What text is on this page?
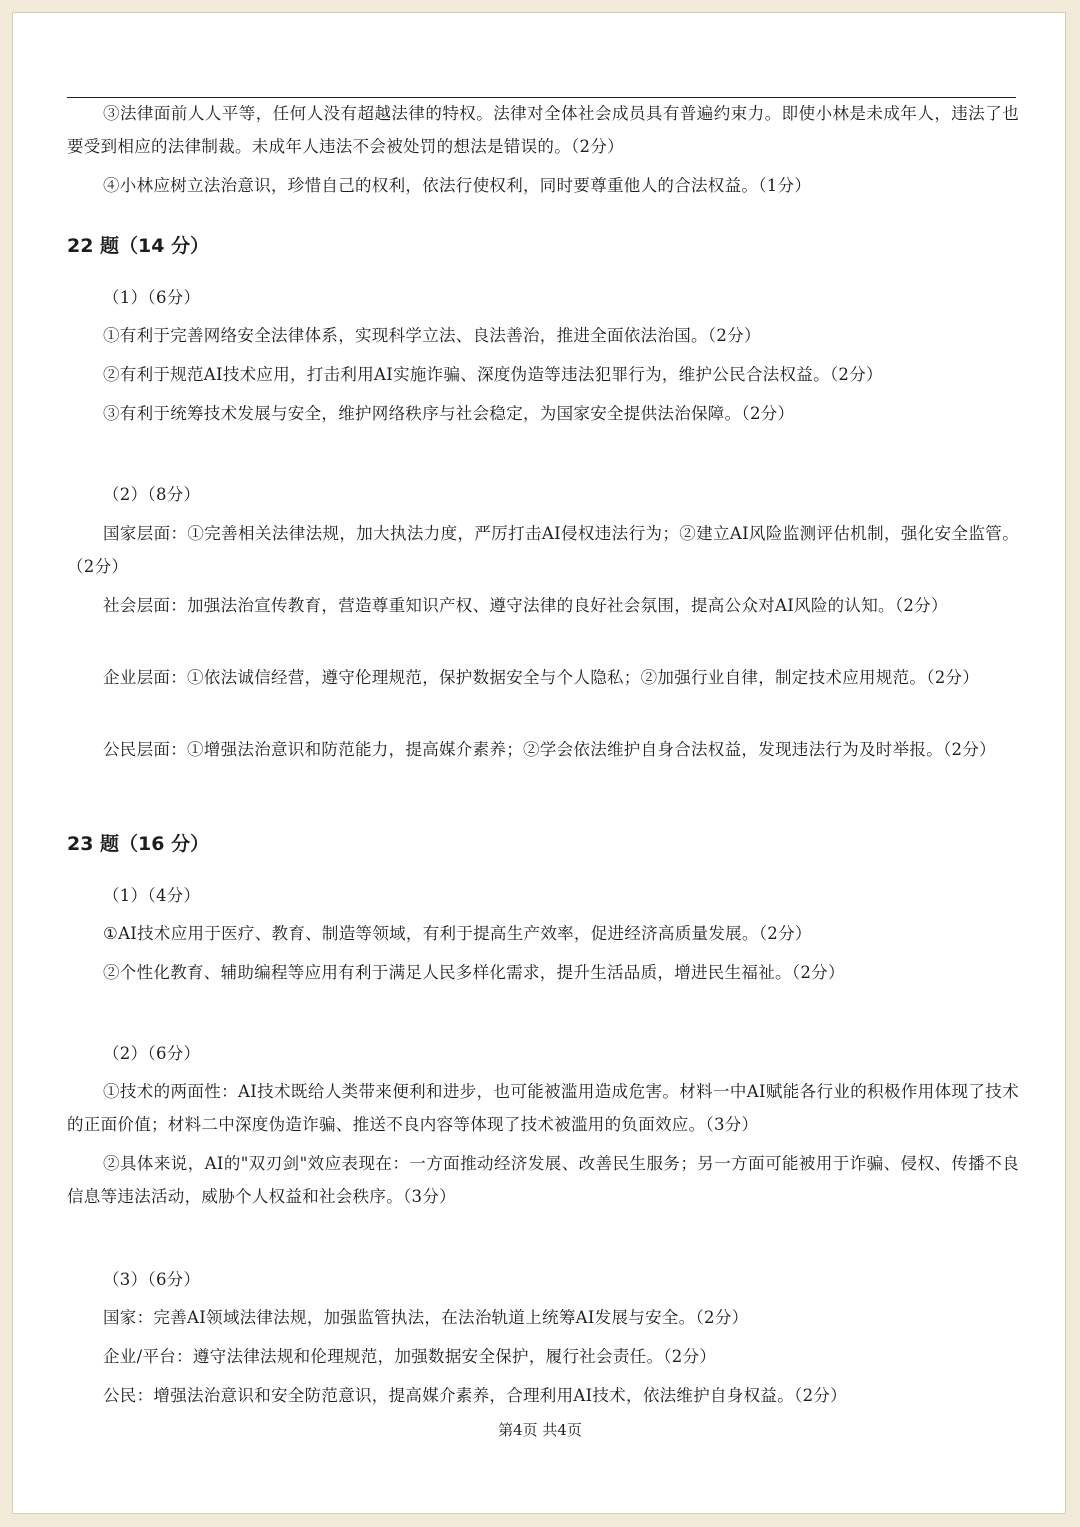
③法律面前人人平等，任何人没有超越法律的特权。法律对全体社会成员具有普遍约束力。即使小林是未成年人，违法了也要受到相应的法律制裁。未成年人违法不会被处罚的想法是错误的。（2分）

④小林应树立法治意识，珍惜自己的权利，依法行使权利，同时要尊重他人的合法权益。（1分）

22 题（14 分）

（1）（6分）

①有利于完善网络安全法律体系，实现科学立法、良法善治，推进全面依法治国。（2分）

②有利于规范AI技术应用，打击利用AI实施诈骗、深度伪造等违法犯罪行为，维护公民合法权益。（2分）

③有利于统筹技术发展与安全，维护网络秩序与社会稳定，为国家安全提供法治保障。（2分）

（2）（8分）

国家层面：①完善相关法律法规，加大执法力度，严厉打击AI侵权违法行为；②建立AI风险监测评估机制，强化安全监管。（2分）

社会层面：加强法治宣传教育，营造尊重知识产权、遵守法律的良好社会氛围，提高公众对AI风险的认知。（2分）

企业层面：①依法诚信经营，遵守伦理规范，保护数据安全与个人隐私；②加强行业自律，制定技术应用规范。（2分）

公民层面：①增强法治意识和防范能力，提高媒介素养；②学会依法维护自身合法权益，发现违法行为及时举报。（2分）

23 题（16 分）

（1）（4分）

①AI技术应用于医疗、教育、制造等领域，有利于提高生产效率，促进经济高质量发展。（2分）

②个性化教育、辅助编程等应用有利于满足人民多样化需求，提升生活品质，增进民生福祉。（2分）

（2）（6分）

①技术的两面性：AI技术既给人类带来便利和进步，也可能被滥用造成危害。材料一中AI赋能各行业的积极作用体现了技术的正面价值；材料二中深度伪造诈骗、推送不良内容等体现了技术被滥用的负面效应。（3分）

②具体来说，AI的"双刃剑"效应表现在：一方面推动经济发展、改善民生服务；另一方面可能被用于诈骗、侵权、传播不良信息等违法活动，威胁个人权益和社会秩序。（3分）

（3）（6分）

国家：完善AI领域法律法规，加强监管执法，在法治轨道上统筹AI发展与安全。（2分）

企业/平台：遵守法律法规和伦理规范，加强数据安全保护，履行社会责任。（2分）

公民：增强法治意识和安全防范意识，提高媒介素养，合理利用AI技术，依法维护自身权益。（2分）

第4页 共4页
